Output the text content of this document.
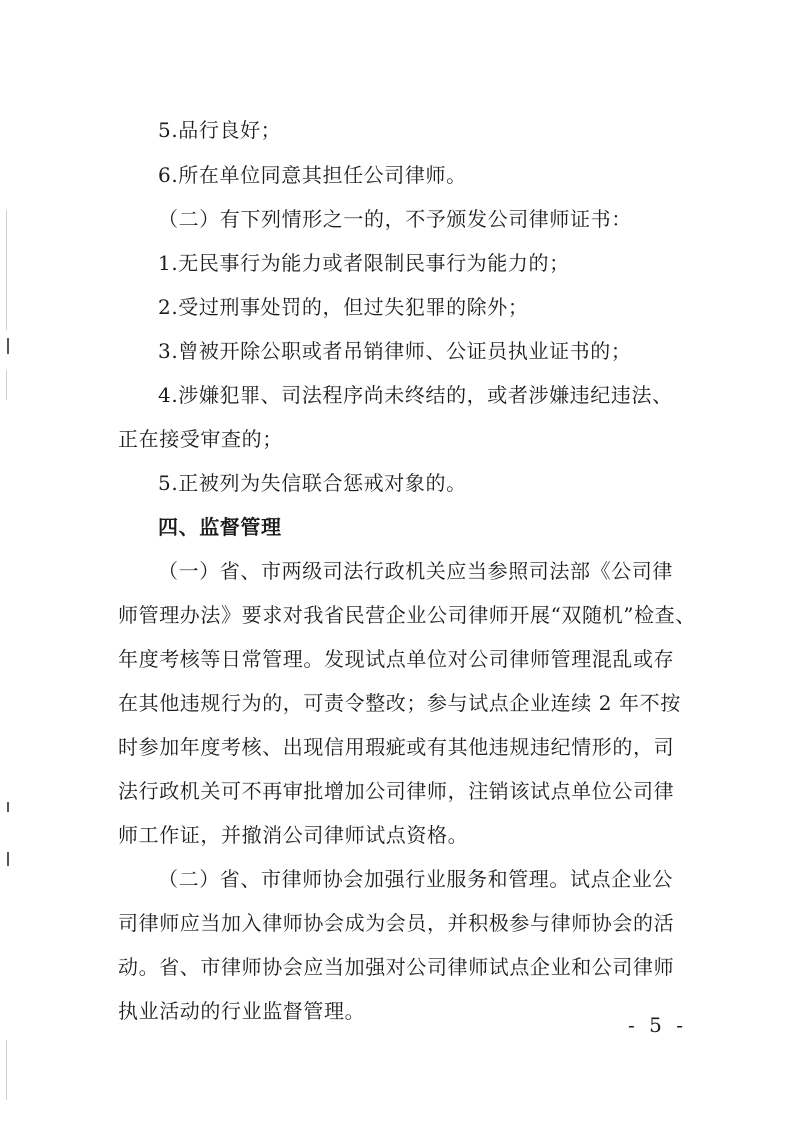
5.品行良好；
6.所在单位同意其担任公司律师。
（二）有下列情形之一的，不予颁发公司律师证书：
1.无民事行为能力或者限制民事行为能力的；
2.受过刑事处罚的，但过失犯罪的除外；
3.曾被开除公职或者吊销律师、公证员执业证书的；
4.涉嫌犯罪、司法程序尚未终结的，或者涉嫌违纪违法、
正在接受审查的；
5.正被列为失信联合惩戒对象的。
四、监督管理
（一）省、市两级司法行政机关应当参照司法部《公司律
师管理办法》要求对我省民营企业公司律师开展“双随机”检查、
年度考核等日常管理。发现试点单位对公司律师管理混乱或存
在其他违规行为的，可责令整改；参与试点企业连续 2 年不按
时参加年度考核、出现信用瑕疵或有其他违规违纪情形的，司
法行政机关可不再审批增加公司律师，注销该试点单位公司律
师工作证，并撤消公司律师试点资格。
（二）省、市律师协会加强行业服务和管理。试点企业公
司律师应当加入律师协会成为会员，并积极参与律师协会的活
动。省、市律师协会应当加强对公司律师试点企业和公司律师
执业活动的行业监督管理。
- 5 -
